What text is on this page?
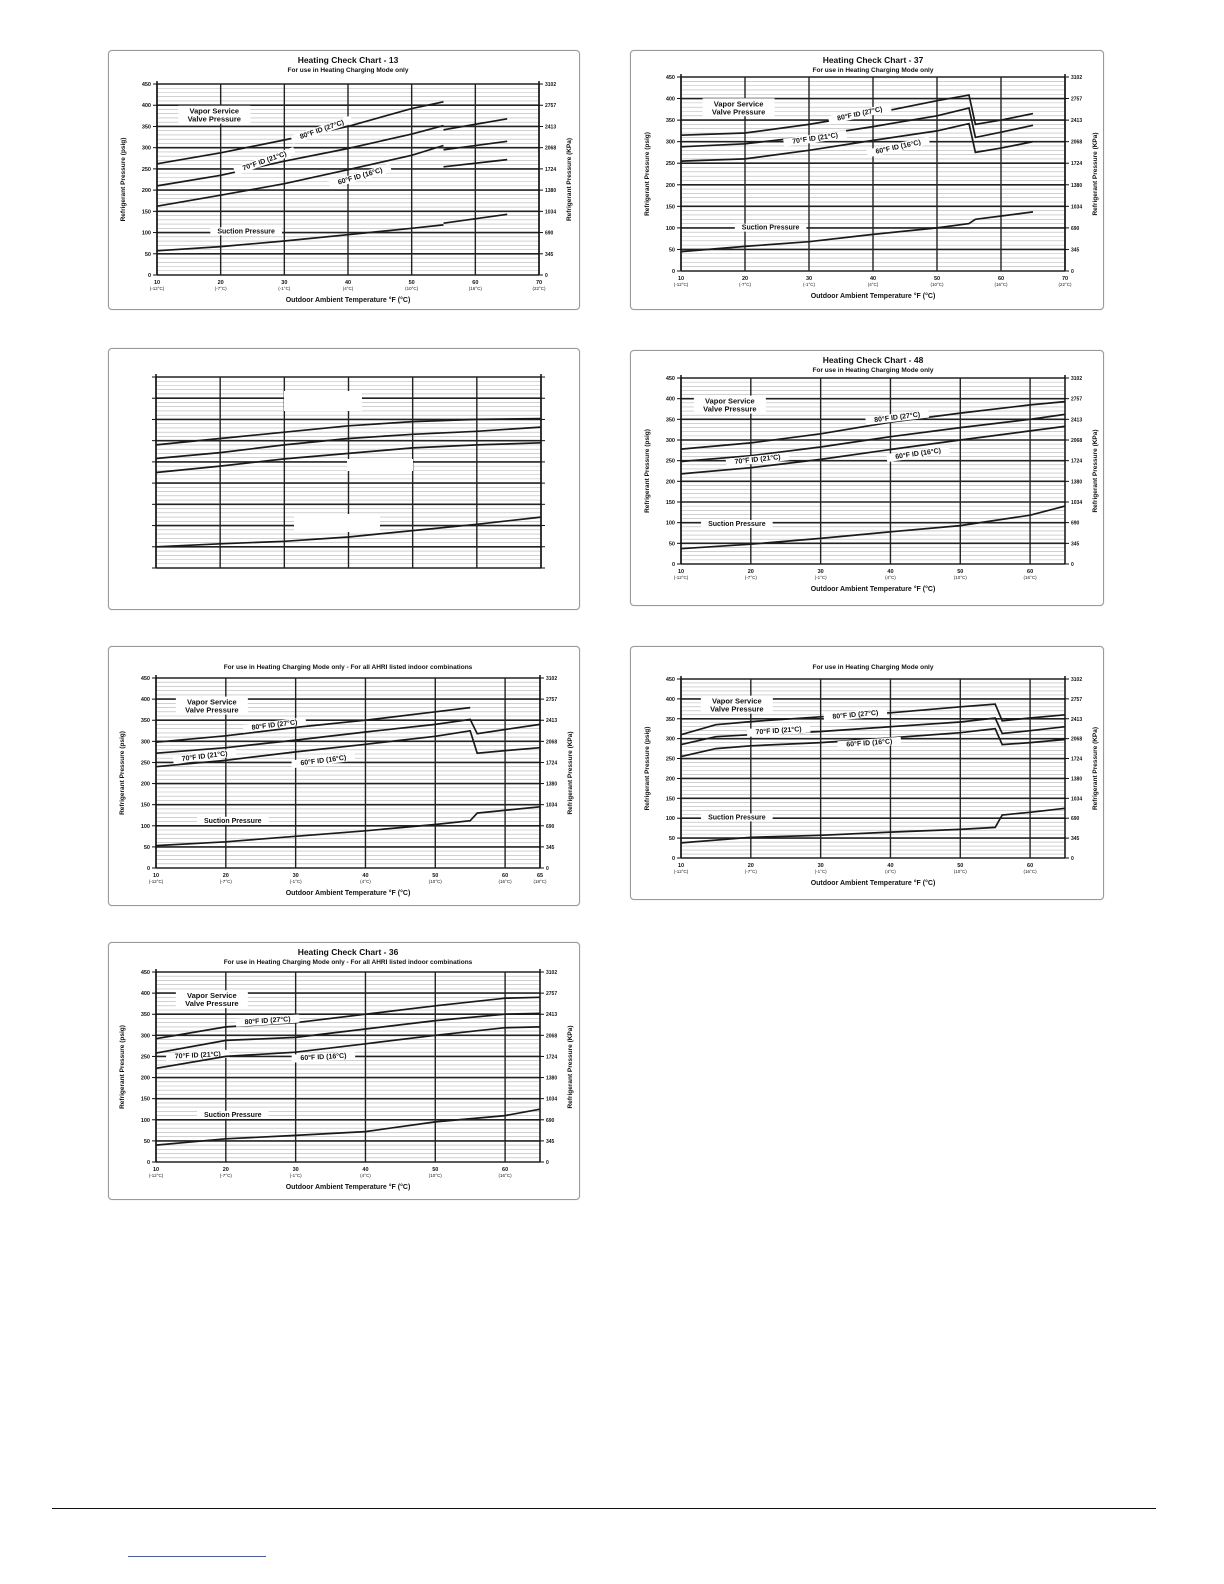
Heating Check Chart - 13
For use in Heating Charging Mode only
0	0
50	345
100	690
150	1034
200	1380
250	1724
300	2068
350	2413
400	2757
450	3102
10
(-12°C)
20
(-7°C)
30
(-1°C)
40
(4°C)
50
(10°C)
60
(16°C)
70
(22°C)
Outdoor Ambient Temperature °F (°C)
Refrigerant Pressure (psig)	Refrigerant Pressure (KPa)
80°F ID (27°C)
70°F ID (21°C)
60°F ID (16°C)
Suction Pressure
Vapor Service
Valve Pressure
Heating Check Chart - 37
For use in Heating Charging Mode only
0	0
50	345
100	690
150	1034
200	1380
250	1724
300	2068
350	2413
400	2757
450	3102
10
(-12°C)
20
(-7°C)
30
(-1°C)
40
(4°C)
50
(10°C)
60
(16°C)
70
(22°C)
Outdoor Ambient Temperature °F (°C)
Refrigerant Pressure (psig)	Refrigerant Pressure (KPa)
80°F ID (27°C)
70°F ID (21°C)
60°F ID (16°C)
Suction Pressure
Vapor Service
Valve Pressure
Heating Check Chart - 48
For use in Heating Charging Mode only
0	0
50	345
100	690
150	1034
200	1380
250	1724
300	2068
350	2413
400	2757
450	3102
10
(-12°C)
20
(-7°C)
30
(-1°C)
40
(4°C)
50
(10°C)
60
(16°C)
Outdoor Ambient Temperature °F (°C)
Refrigerant Pressure (psig)	Refrigerant Pressure (KPa)
80°F ID (27°C)
70°F ID (21°C)	60°F ID (16°C)
Suction Pressure
Vapor Service
Valve Pressure
For use in Heating Charging Mode only - For all AHRI listed indoor combinations
0	0
50	345
100	690
150	1034
200	1380
250	1724
300	2068
350	2413
400	2757
450	3102
10
(-12°C)
20
(-7°C)
30
(-1°C)
40
(4°C)
50
(10°C)
60
(16°C)
65
(18°C)
Outdoor Ambient Temperature °F (°C)
Refrigerant Pressure (psig)	Refrigerant Pressure (KPa)
80°F ID (27°C)
70°F ID (21°C)	60°F ID (16°C)
Suction Pressure
Vapor Service
Valve Pressure
For use in Heating Charging Mode only
0	0
50	345
100	690
150	1034
200	1380
250	1724
300	2068
350	2413
400	2757
450	3102
10
(-12°C)
20
(-7°C)
30
(-1°C)
40
(4°C)
50
(10°C)
60
(16°C)
Outdoor Ambient Temperature °F (°C)
Refrigerant Pressure (psig)	Refrigerant Pressure (KPa)
80°F ID (27°C)
70°F ID (21°C)
60°F ID (16°C)
Suction Pressure
Vapor Service
Valve Pressure
Heating Check Chart - 36
For use in Heating Charging Mode only - For all AHRI listed indoor combinations
0	0
50	345
100	690
150	1034
200	1380
250	1724
300	2068
350	2413
400	2757
450	3102
10
(-12°C)
20
(-7°C)
30
(-1°C)
40
(4°C)
50
(10°C)
60
(16°C)
Outdoor Ambient Temperature °F (°C)
Refrigerant Pressure (psig)	Refrigerant Pressure (KPa)
80°F ID (27°C)
70°F ID (21°C)	60°F ID (16°C)
Suction Pressure
Vapor Service
Valve Pressure
